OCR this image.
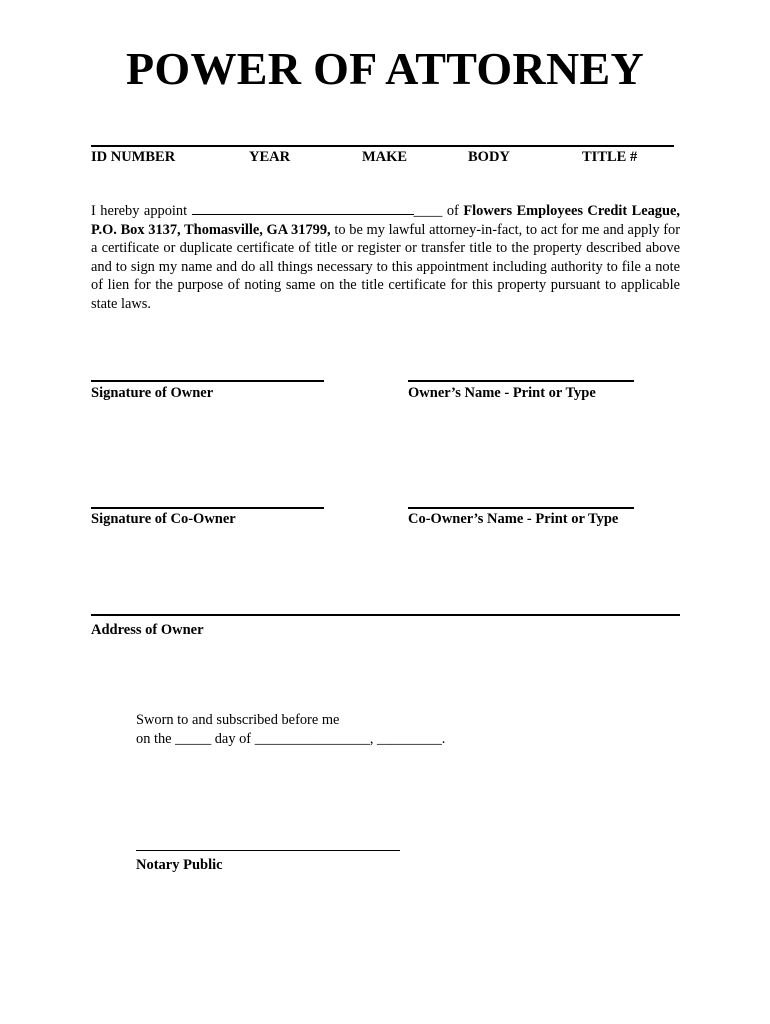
POWER OF ATTORNEY
ID NUMBER	YEAR	MAKE	BODY	TITLE #
I hereby appoint	____ of Flowers Employees Credit League, P.O. Box 3137, Thomasville, GA 31799, to be my lawful attorney-in-fact, to act for me and apply for a certificate or duplicate certificate of title or register or transfer title to the property described above and to sign my name and do all things necessary to this appointment including authority to file a note of lien for the purpose of noting same on the title certificate for this property pursuant to applicable state laws.
Signature of Owner	Owner’s Name - Print or Type
Signature of Co-Owner	Co-Owner’s Name - Print or Type
Address of Owner
Sworn to and subscribed before me
on the _____ day of ________________, _________.
Notary Public
